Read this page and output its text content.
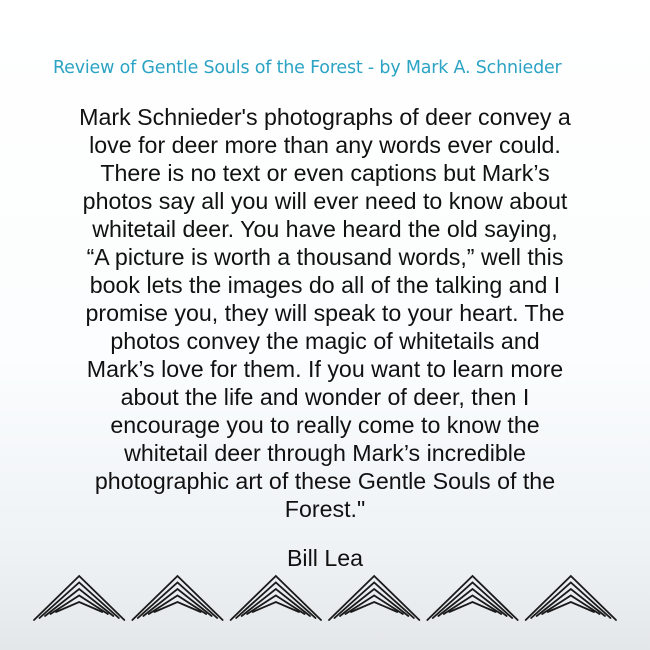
Review of Gentle Souls of the Forest - by Mark A. Schnieder

Mark Schnieder's photographs of deer convey a
love for deer more than any words ever could.
There is no text or even captions but Mark’s
photos say all you will ever need to know about
whitetail deer. You have heard the old saying,
“A picture is worth a thousand words,” well this
book lets the images do all of the talking and I
promise you, they will speak to your heart. The
photos convey the magic of whitetails and
Mark’s love for them. If you want to learn more
about the life and wonder of deer, then I
encourage you to really come to know the
whitetail deer through Mark’s incredible
photographic art of these Gentle Souls of the
Forest."

Bill Lea
